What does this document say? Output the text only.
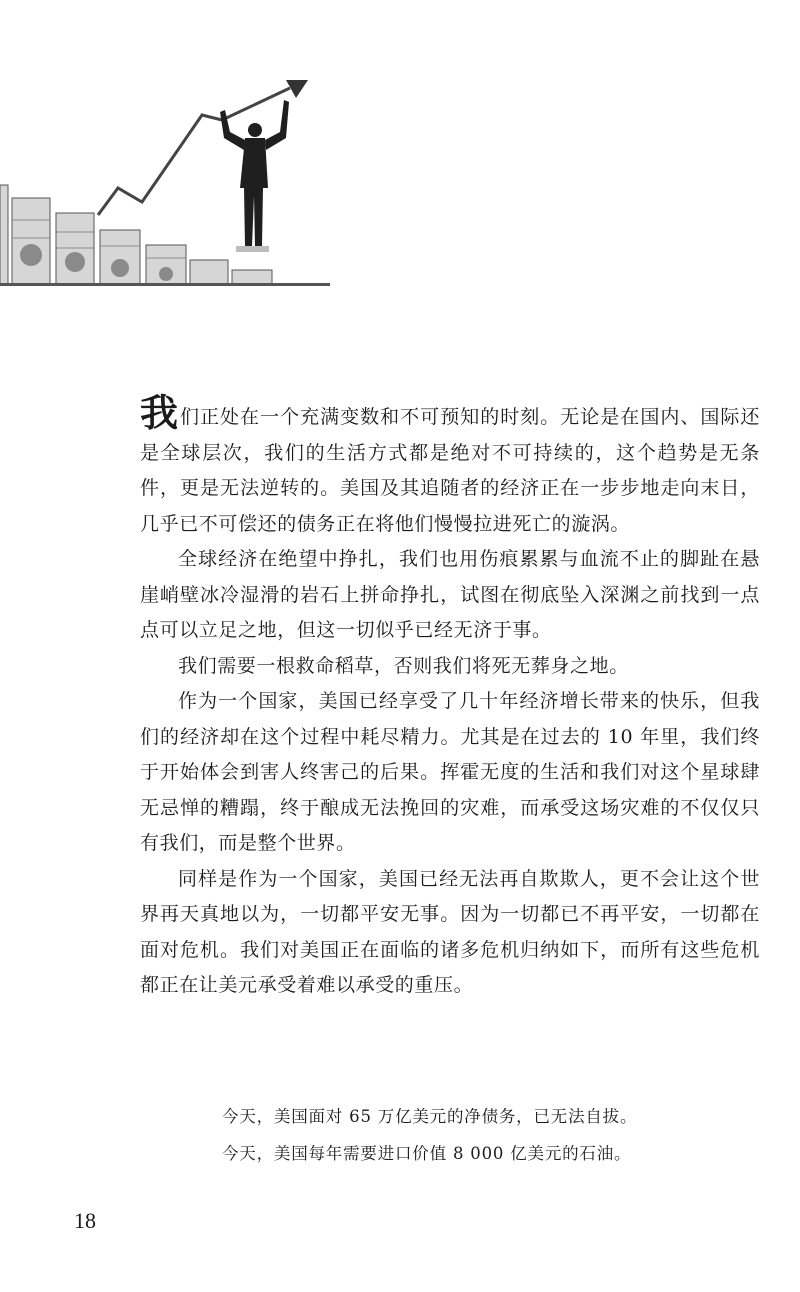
我们正处在一个充满变数和不可预知的时刻。无论是在国内、国际还是全球层次，我们的生活方式都是绝对不可持续的，这个趋势是无条件，更是无法逆转的。美国及其追随者的经济正在一步步地走向末日，几乎已不可偿还的债务正在将他们慢慢拉进死亡的漩涡。

全球经济在绝望中挣扎，我们也用伤痕累累与血流不止的脚趾在悬崖峭壁冰冷湿滑的岩石上拼命挣扎，试图在彻底坠入深渊之前找到一点点可以立足之地，但这一切似乎已经无济于事。

我们需要一根救命稻草，否则我们将死无葬身之地。

作为一个国家，美国已经享受了几十年经济增长带来的快乐，但我们的经济却在这个过程中耗尽精力。尤其是在过去的 10 年里，我们终于开始体会到害人终害己的后果。挥霍无度的生活和我们对这个星球肆无忌惮的糟蹋，终于酿成无法挽回的灾难，而承受这场灾难的不仅仅只有我们，而是整个世界。

同样是作为一个国家，美国已经无法再自欺欺人，更不会让这个世界再天真地以为，一切都平安无事。因为一切都已不再平安，一切都在面对危机。我们对美国正在面临的诸多危机归纳如下，而所有这些危机都正在让美元承受着难以承受的重压。

今天，美国面对 65 万亿美元的净债务，已无法自拔。

今天，美国每年需要进口价值 8 000 亿美元的石油。

18
